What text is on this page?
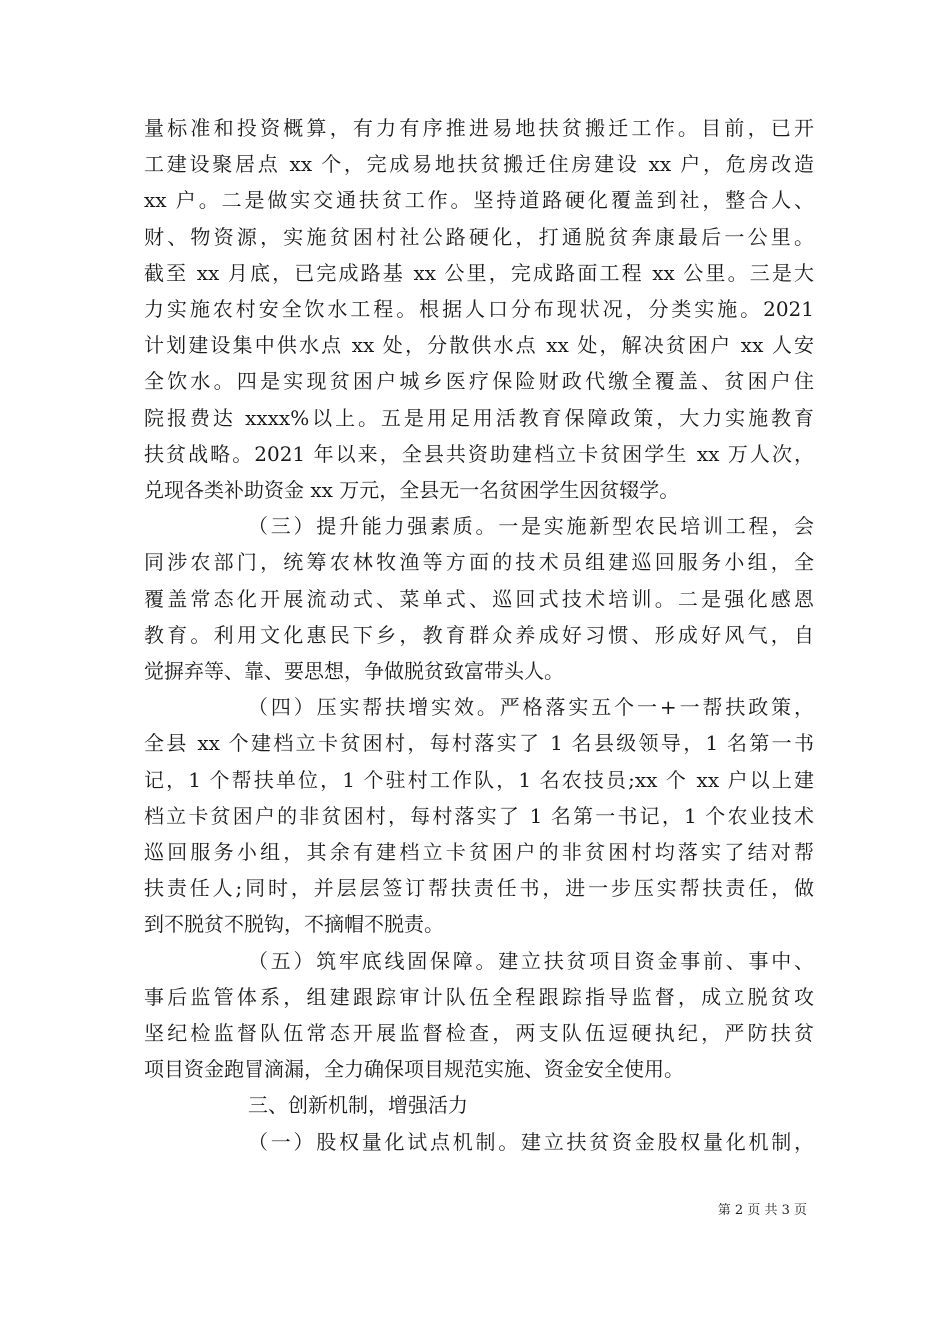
量标准和投资概算，有力有序推进易地扶贫搬迁工作。目前，已开
工建设聚居点 xx 个，完成易地扶贫搬迁住房建设 xx 户，危房改造
xx 户。二是做实交通扶贫工作。坚持道路硬化覆盖到社，整合人、
财、物资源，实施贫困村社公路硬化，打通脱贫奔康最后一公里。
截至 xx 月底，已完成路基 xx 公里，完成路面工程 xx 公里。三是大
力实施农村安全饮水工程。根据人口分布现状况，分类实施。2021
计划建设集中供水点 xx 处，分散供水点 xx 处，解决贫困户 xx 人安
全饮水。四是实现贫困户城乡医疗保险财政代缴全覆盖、贫困户住
院报费达 xxxx%以上。五是用足用活教育保障政策，大力实施教育
扶贫战略。2021 年以来，全县共资助建档立卡贫困学生 xx 万人次，
兑现各类补助资金 xx 万元，全县无一名贫困学生因贫辍学。
（三）提升能力强素质。一是实施新型农民培训工程，会
同涉农部门，统筹农林牧渔等方面的技术员组建巡回服务小组，全
覆盖常态化开展流动式、菜单式、巡回式技术培训。二是强化感恩
教育。利用文化惠民下乡，教育群众养成好习惯、形成好风气，自
觉摒弃等、靠、要思想，争做脱贫致富带头人。
（四）压实帮扶增实效。严格落实五个一+一帮扶政策，
全县 xx 个建档立卡贫困村，每村落实了 1 名县级领导，1 名第一书
记，1 个帮扶单位，1 个驻村工作队，1 名农技员;xx 个 xx 户以上建
档立卡贫困户的非贫困村，每村落实了 1 名第一书记，1 个农业技术
巡回服务小组，其余有建档立卡贫困户的非贫困村均落实了结对帮
扶责任人;同时，并层层签订帮扶责任书，进一步压实帮扶责任，做
到不脱贫不脱钩，不摘帽不脱责。
（五）筑牢底线固保障。建立扶贫项目资金事前、事中、
事后监管体系，组建跟踪审计队伍全程跟踪指导监督，成立脱贫攻
坚纪检监督队伍常态开展监督检查，两支队伍逗硬执纪，严防扶贫
项目资金跑冒滴漏，全力确保项目规范实施、资金安全使用。
三、创新机制，增强活力
（一）股权量化试点机制。建立扶贫资金股权量化机制，
第 2 页 共 3 页
